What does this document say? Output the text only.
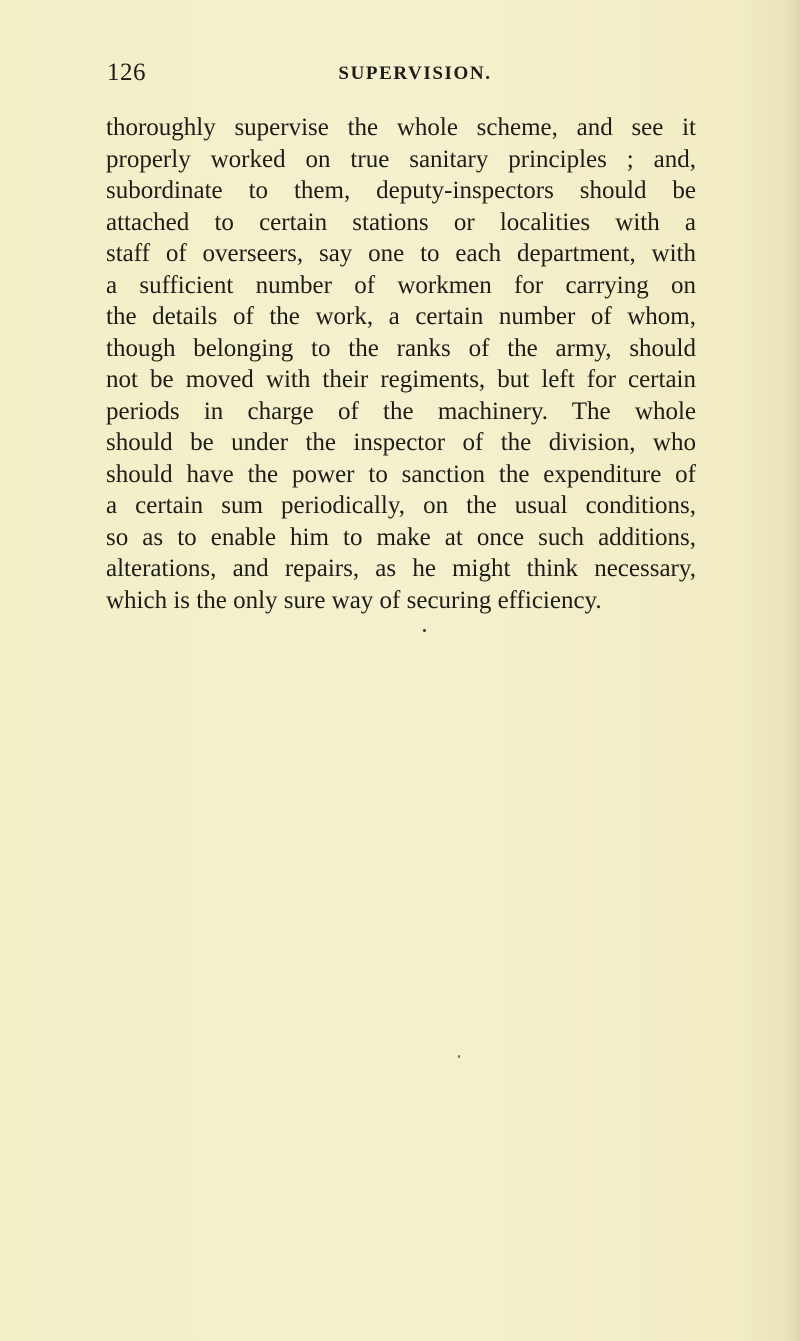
126	SUPERVISION.

thoroughly supervise the whole scheme, and see it
properly worked on true sanitary principles ; and,
subordinate to them, deputy-inspectors should be
attached to certain stations or localities with a
staff of overseers, say one to each department, with
a sufficient number of workmen for carrying on
the details of the work, a certain number of whom,
though belonging to the ranks of the army, should
not be moved with their regiments, but left for certain
periods in charge of the machinery. The whole
should be under the inspector of the division, who
should have the power to sanction the expenditure of
a certain sum periodically, on the usual conditions,
so as to enable him to make at once such additions,
alterations, and repairs, as he might think necessary,
which is the only sure way of securing efficiency.
